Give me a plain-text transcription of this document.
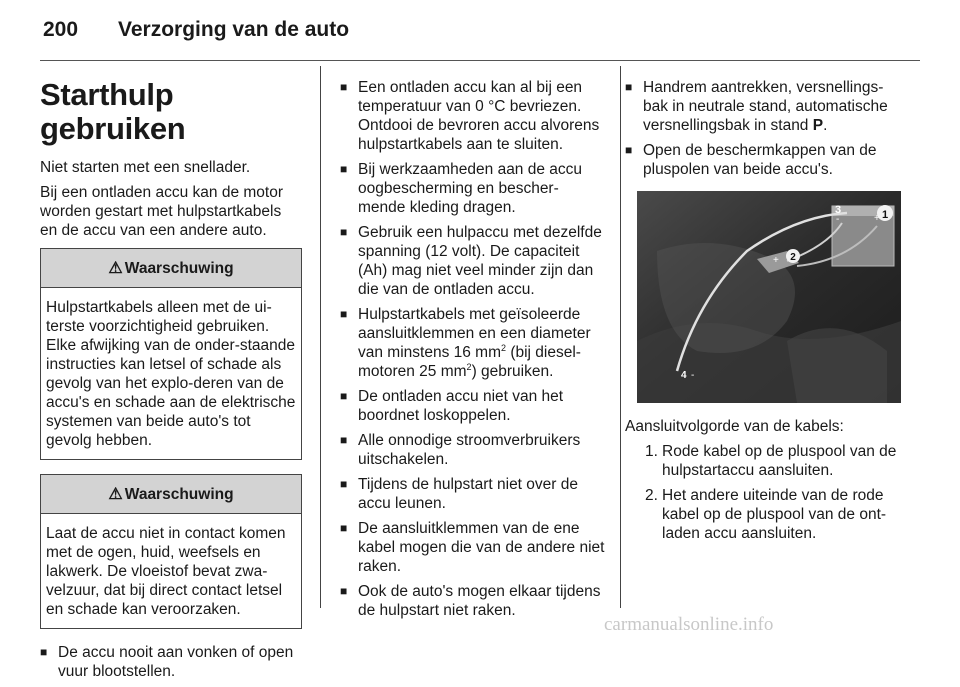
200 Verzorging van de auto
Starthulp gebruiken

Niet starten met een snellader.

Bij een ontladen accu kan de motor worden gestart met hulpstartkabels en de accu van een andere auto.

⚠ Waarschuwing
Hulpstartkabels alleen met de ui-terste voorzichtigheid gebruiken. Elke afwijking van de onder-staande instructies kan letsel of schade als gevolg van het explo-deren van de accu's en schade aan de elektrische systemen van beide auto's tot gevolg hebben.
⚠ Waarschuwing
Laat de accu niet in contact komen met de ogen, huid, weefsels en lakwerk. De vloeistof bevat zwa-velzuur, dat bij direct contact letsel en schade kan veroorzaken.
■ De accu nooit aan vonken of open vuur blootstellen.
■ Een ontladen accu kan al bij een temperatuur van 0 °C bevriezen. Ontdooi de bevroren accu alvorens hulpstartkabels aan te sluiten.
■ Bij werkzaamheden aan de accu oogbescherming en bescher-mende kleding dragen.
■ Gebruik een hulpaccu met dezelfde spanning (12 volt). De capaciteit (Ah) mag niet veel minder zijn dan die van de ontladen accu.
■ Hulpstartkabels met geïsoleerde aansluitklemmen en een diameter van minstens 16 $mm^2$ (bij diesel-motoren 25 $mm^2$) gebruiken.
■ De ontladen accu niet van het boordnet loskoppelen.
■ Alle onnodige stroomverbruikers uitschakelen.
■ Tijdens de hulpstart niet over de accu leunen.
■ De aansluitklemmen van de ene kabel mogen die van de andere niet raken.
■ Ook de auto's mogen elkaar tijdens de hulpstart niet raken.
■ Handrem aantrekken, versnellings-bak in neutrale stand, automatische versnellingsbak in stand P.
■ Open de beschermkappen van de pluspolen van beide accu's.
1
+
3
-
2
+
4 -

Aansluitvolgorde van de kabels:

1. Rode kabel op de pluspool van de hulpstartaccu aansluiten.
2. Het andere uiteinde van de rode kabel op de pluspool van de ont-laden accu aansluiten.
carmanualsonline.info
